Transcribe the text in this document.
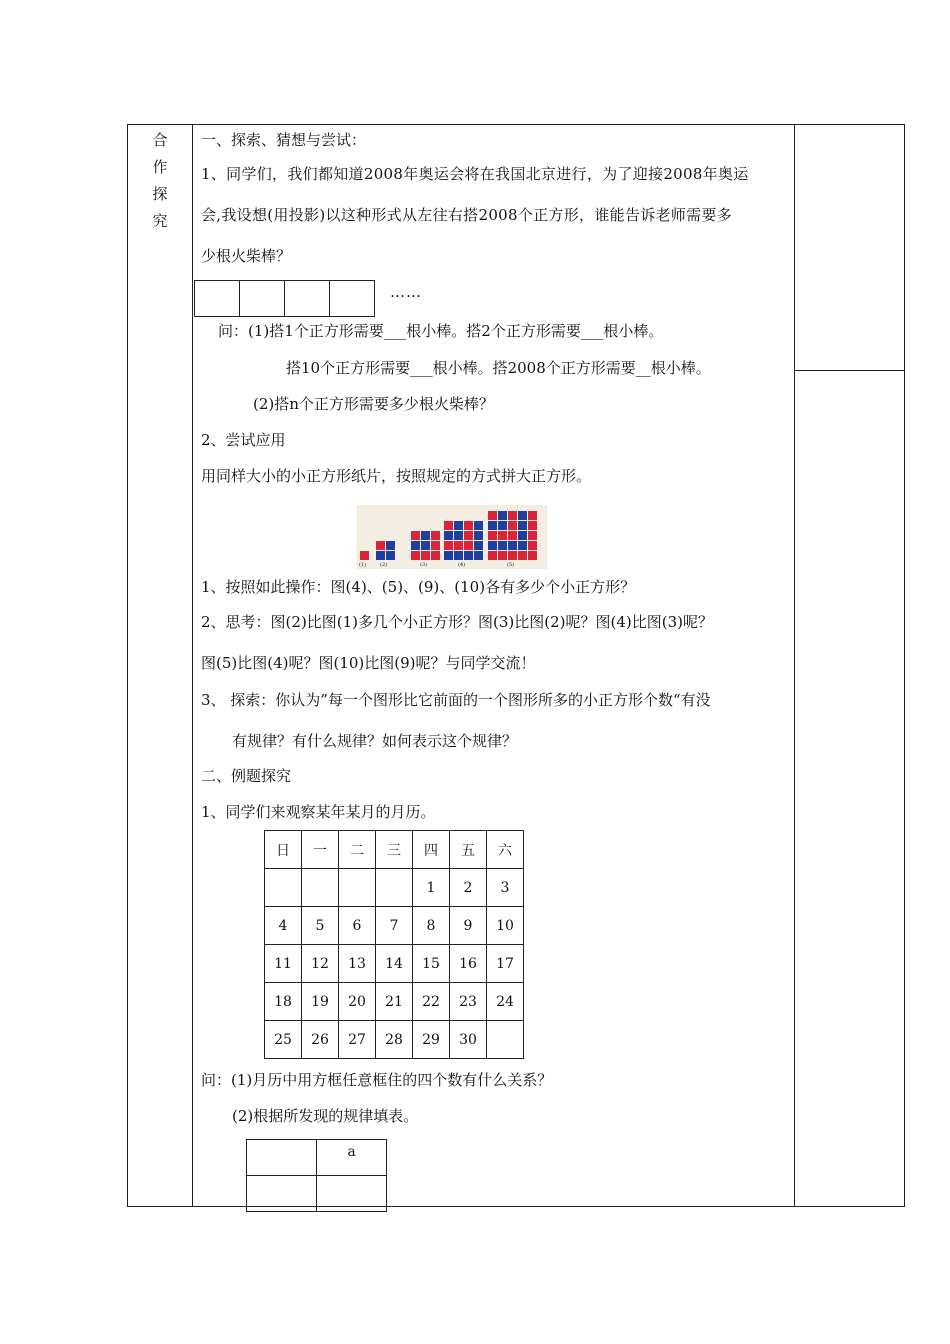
合
作
探
究
一、探索、猜想与尝试：
1、同学们，我们都知道2008年奥运会将在我国北京进行，为了迎接2008年奥运
会,我设想(用投影)以这种形式从左往右搭2008个正方形，谁能告诉老师需要多
少根火柴棒？
……
问：(1)搭1个正方形需要___根小棒。搭2个正方形需要___根小棒。
搭10个正方形需要___根小棒。搭2008个正方形需要__根小棒。
(2)搭n个正方形需要多少根火柴棒？
2、尝试应用
用同样大小的小正方形纸片，按照规定的方式拼大正方形。
(1)	(2)	(3)	(4)	(5)
1、按照如此操作：图(4)、(5)、(9)、(10)各有多少个小正方形？
2、思考：图(2)比图(1)多几个小正方形？图(3)比图(2)呢？图(4)比图(3)呢？
图(5)比图(4)呢？图(10)比图(9)呢？与同学交流！
3、 探索：你认为”每一个图形比它前面的一个图形所多的小正方形个数“有没
有规律？有什么规律？如何表示这个规律？
二、例题探究
1、同学们来观察某年某月的月历。
日	一	二	三	四	五	六
				1	2	3
4	5	6	7	8	9	10
11	12	13	14	15	16	17
18	19	20	21	22	23	24
25	26	27	28	29	30	
问：(1)月历中用方框任意框住的四个数有什么关系？
(2)根据所发现的规律填表。
	a
